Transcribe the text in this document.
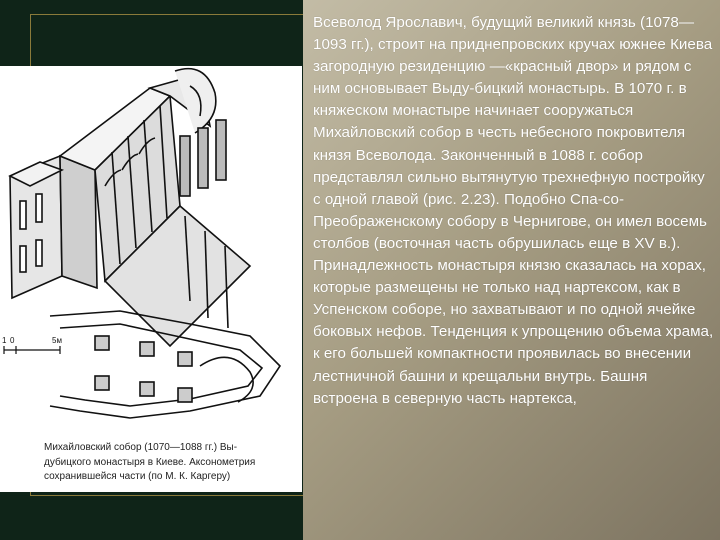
0
1	5м
Михайловский собор (1070—1088 гг.) Вы-дубицкого монастыря в Киеве. Аксонометрия сохранившейся части (по М. К. Каргеру)
Всеволод Ярославич, будущий великий князь (1078—1093 гг.), строит на приднепровских кручах южнее Киева загородную резиденцию —«красный двор» и рядом с ним основывает Выду-бицкий монастырь. В 1070 г. в княжеском монастыре начинает сооружаться Михайловский собор в честь небесного покровителя князя Всеволода. Законченный в 1088 г. собор представлял сильно вытянутую трехнефную постройку с одной главой (рис. 2.23). Подобно Спа-со-Преображенскому собору в Чернигове, он имел восемь столбов (восточная часть обрушилась еще в XV в.). Принадлежность монастыря князю сказалась на хорах, которые размещены не только над нартексом, как в Успенском соборе, но захватывают и по одной ячейке боковых нефов. Тенденция к упрощению объема храма, к его большей компактности проявилась во внесении лестничной башни и крещальни внутрь. Башня встроена в северную часть нартекса,
